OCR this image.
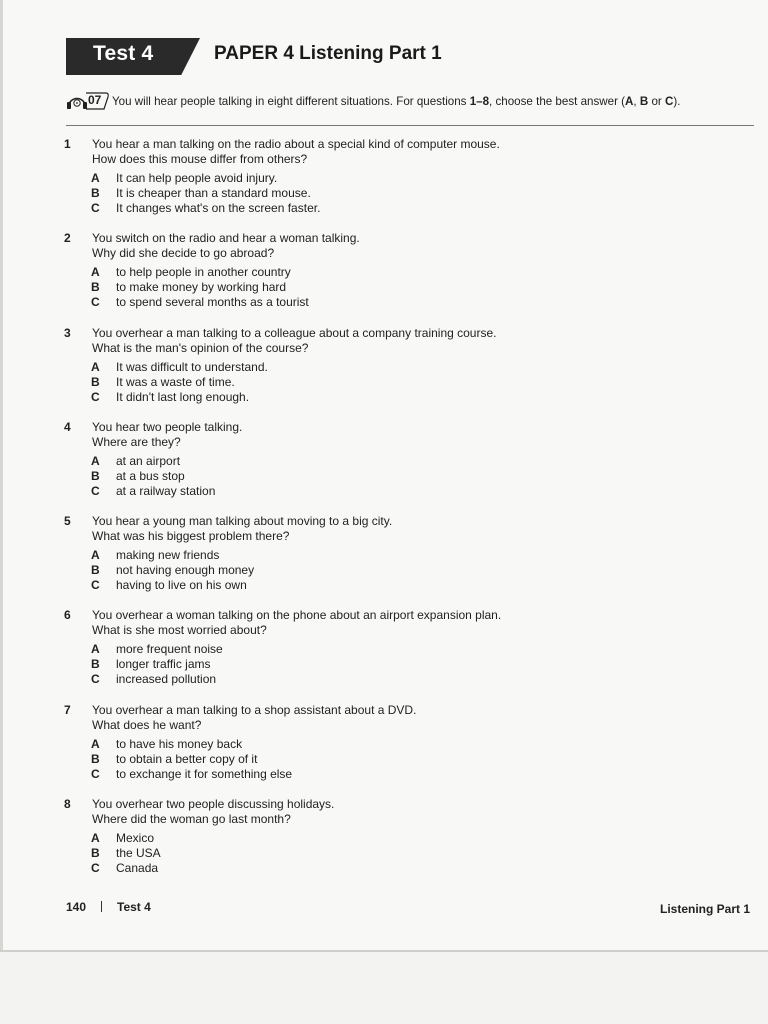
Test 4	PAPER 4 Listening Part 1
07 You will hear people talking in eight different situations. For questions 1–8, choose the best answer (A, B or C).
1 You hear a man talking on the radio about a special kind of computer mouse.
How does this mouse differ from others?
A It can help people avoid injury.
B It is cheaper than a standard mouse.
C It changes what's on the screen faster.
2 You switch on the radio and hear a woman talking.
Why did she decide to go abroad?
A to help people in another country
B to make money by working hard
C to spend several months as a tourist
3 You overhear a man talking to a colleague about a company training course.
What is the man's opinion of the course?
A It was difficult to understand.
B It was a waste of time.
C It didn't last long enough.
4 You hear two people talking.
Where are they?
A at an airport
B at a bus stop
C at a railway station
5 You hear a young man talking about moving to a big city.
What was his biggest problem there?
A making new friends
B not having enough money
C having to live on his own
6 You overhear a woman talking on the phone about an airport expansion plan.
What is she most worried about?
A more frequent noise
B longer traffic jams
C increased pollution
7 You overhear a man talking to a shop assistant about a DVD.
What does he want?
A to have his money back
B to obtain a better copy of it
C to exchange it for something else
8 You overhear two people discussing holidays.
Where did the woman go last month?
A Mexico
B the USA
C Canada
140	Test 4	Listening Part 1
